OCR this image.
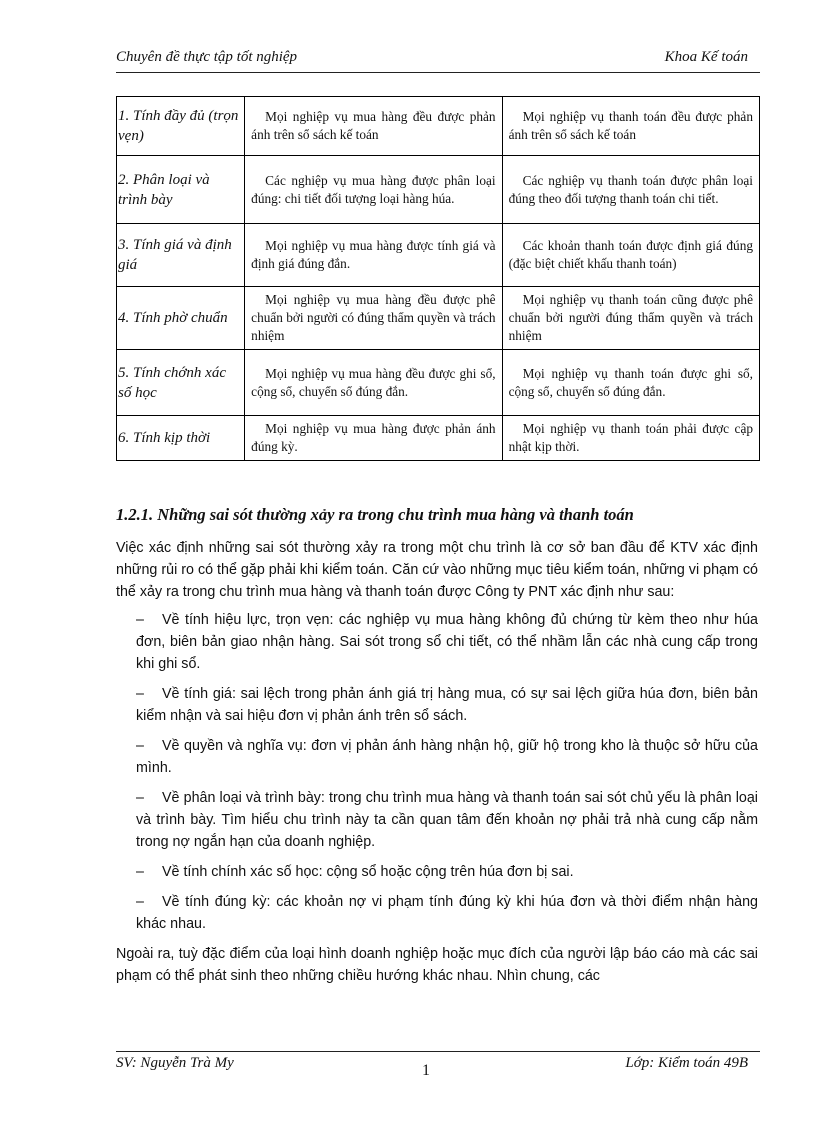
Chuyên đề thực tập tốt nghiệp	Khoa Kế toán
1. Tính đầy đủ (trọn vẹn)	Mọi nghiệp vụ mua hàng đều được phản ánh trên sổ sách kế toán	Mọi nghiệp vụ thanh toán đều được phản ánh trên sổ sách kế toán
2. Phân loại và trình bày	Các nghiệp vụ mua hàng được phân loại đúng: chi tiết đối tượng loại hàng húa.	Các nghiệp vụ thanh toán được phân loại đúng theo đối tượng thanh toán chi tiết.
3. Tính giá và định giá	Mọi nghiệp vụ mua hàng được tính giá và định giá đúng đắn.	Các khoản thanh toán được định giá đúng (đặc biệt chiết khấu thanh toán)
4. Tính phờ chuẩn	Mọi nghiệp vụ mua hàng đều được phê chuẩn bởi người có đúng thẩm quyền và trách nhiệm	Mọi nghiệp vụ thanh toán cũng được phê chuẩn bởi người đúng thẩm quyền và trách nhiệm
5. Tính chớnh xác số học	Mọi nghiệp vụ mua hàng đều được ghi sổ, cộng sổ, chuyển sổ đúng đắn.	Mọi nghiệp vụ thanh toán được ghi sổ, cộng sổ, chuyển sổ đúng đắn.
6. Tính kịp thời	Mọi nghiệp vụ mua hàng được phản ánh đúng kỳ.	Mọi nghiệp vụ thanh toán phải được cập nhật kịp thời.
1.2.1. Những sai sót thường xảy ra trong chu trình mua hàng và thanh toán

Việc xác định những sai sót thường xảy ra trong một chu trình là cơ sở ban đầu để KTV xác định những rủi ro có thể gặp phải khi kiểm toán. Căn cứ vào những mục tiêu kiểm toán, những vi phạm có thể xảy ra trong chu trình mua hàng và thanh toán được Công ty PNT xác định như sau:

– Về tính hiệu lực, trọn vẹn: các nghiệp vụ mua hàng không đủ chứng từ kèm theo như húa đơn, biên bản giao nhận hàng. Sai sót trong sổ chi tiết, có thể nhầm lẫn các nhà cung cấp trong khi ghi sổ.

– Về tính giá: sai lệch trong phản ánh giá trị hàng mua, có sự sai lệch giữa húa đơn, biên bản kiểm nhận và sai hiệu đơn vị phản ánh trên sổ sách.

– Về quyền và nghĩa vụ: đơn vị phản ánh hàng nhận hộ, giữ hộ trong kho là thuộc sở hữu của mình.

– Về phân loại và trình bày: trong chu trình mua hàng và thanh toán sai sót chủ yếu là phân loại và trình bày. Tìm hiểu chu trình này ta cần quan tâm đến khoản nợ phải trả nhà cung cấp nằm trong nợ ngắn hạn của doanh nghiệp.

– Về tính chính xác số học: cộng sổ hoặc cộng trên húa đơn bị sai.

– Về tính đúng kỳ: các khoản nợ vi phạm tính đúng kỳ khi húa đơn và thời điểm nhận hàng khác nhau.

Ngoài ra, tuỳ đặc điểm của loại hình doanh nghiệp hoặc mục đích của người lập báo cáo mà các sai phạm có thể phát sinh theo những chiều hướng khác nhau. Nhìn chung, các

SV: Nguyễn Trà My	1	Lớp: Kiểm toán 49B
